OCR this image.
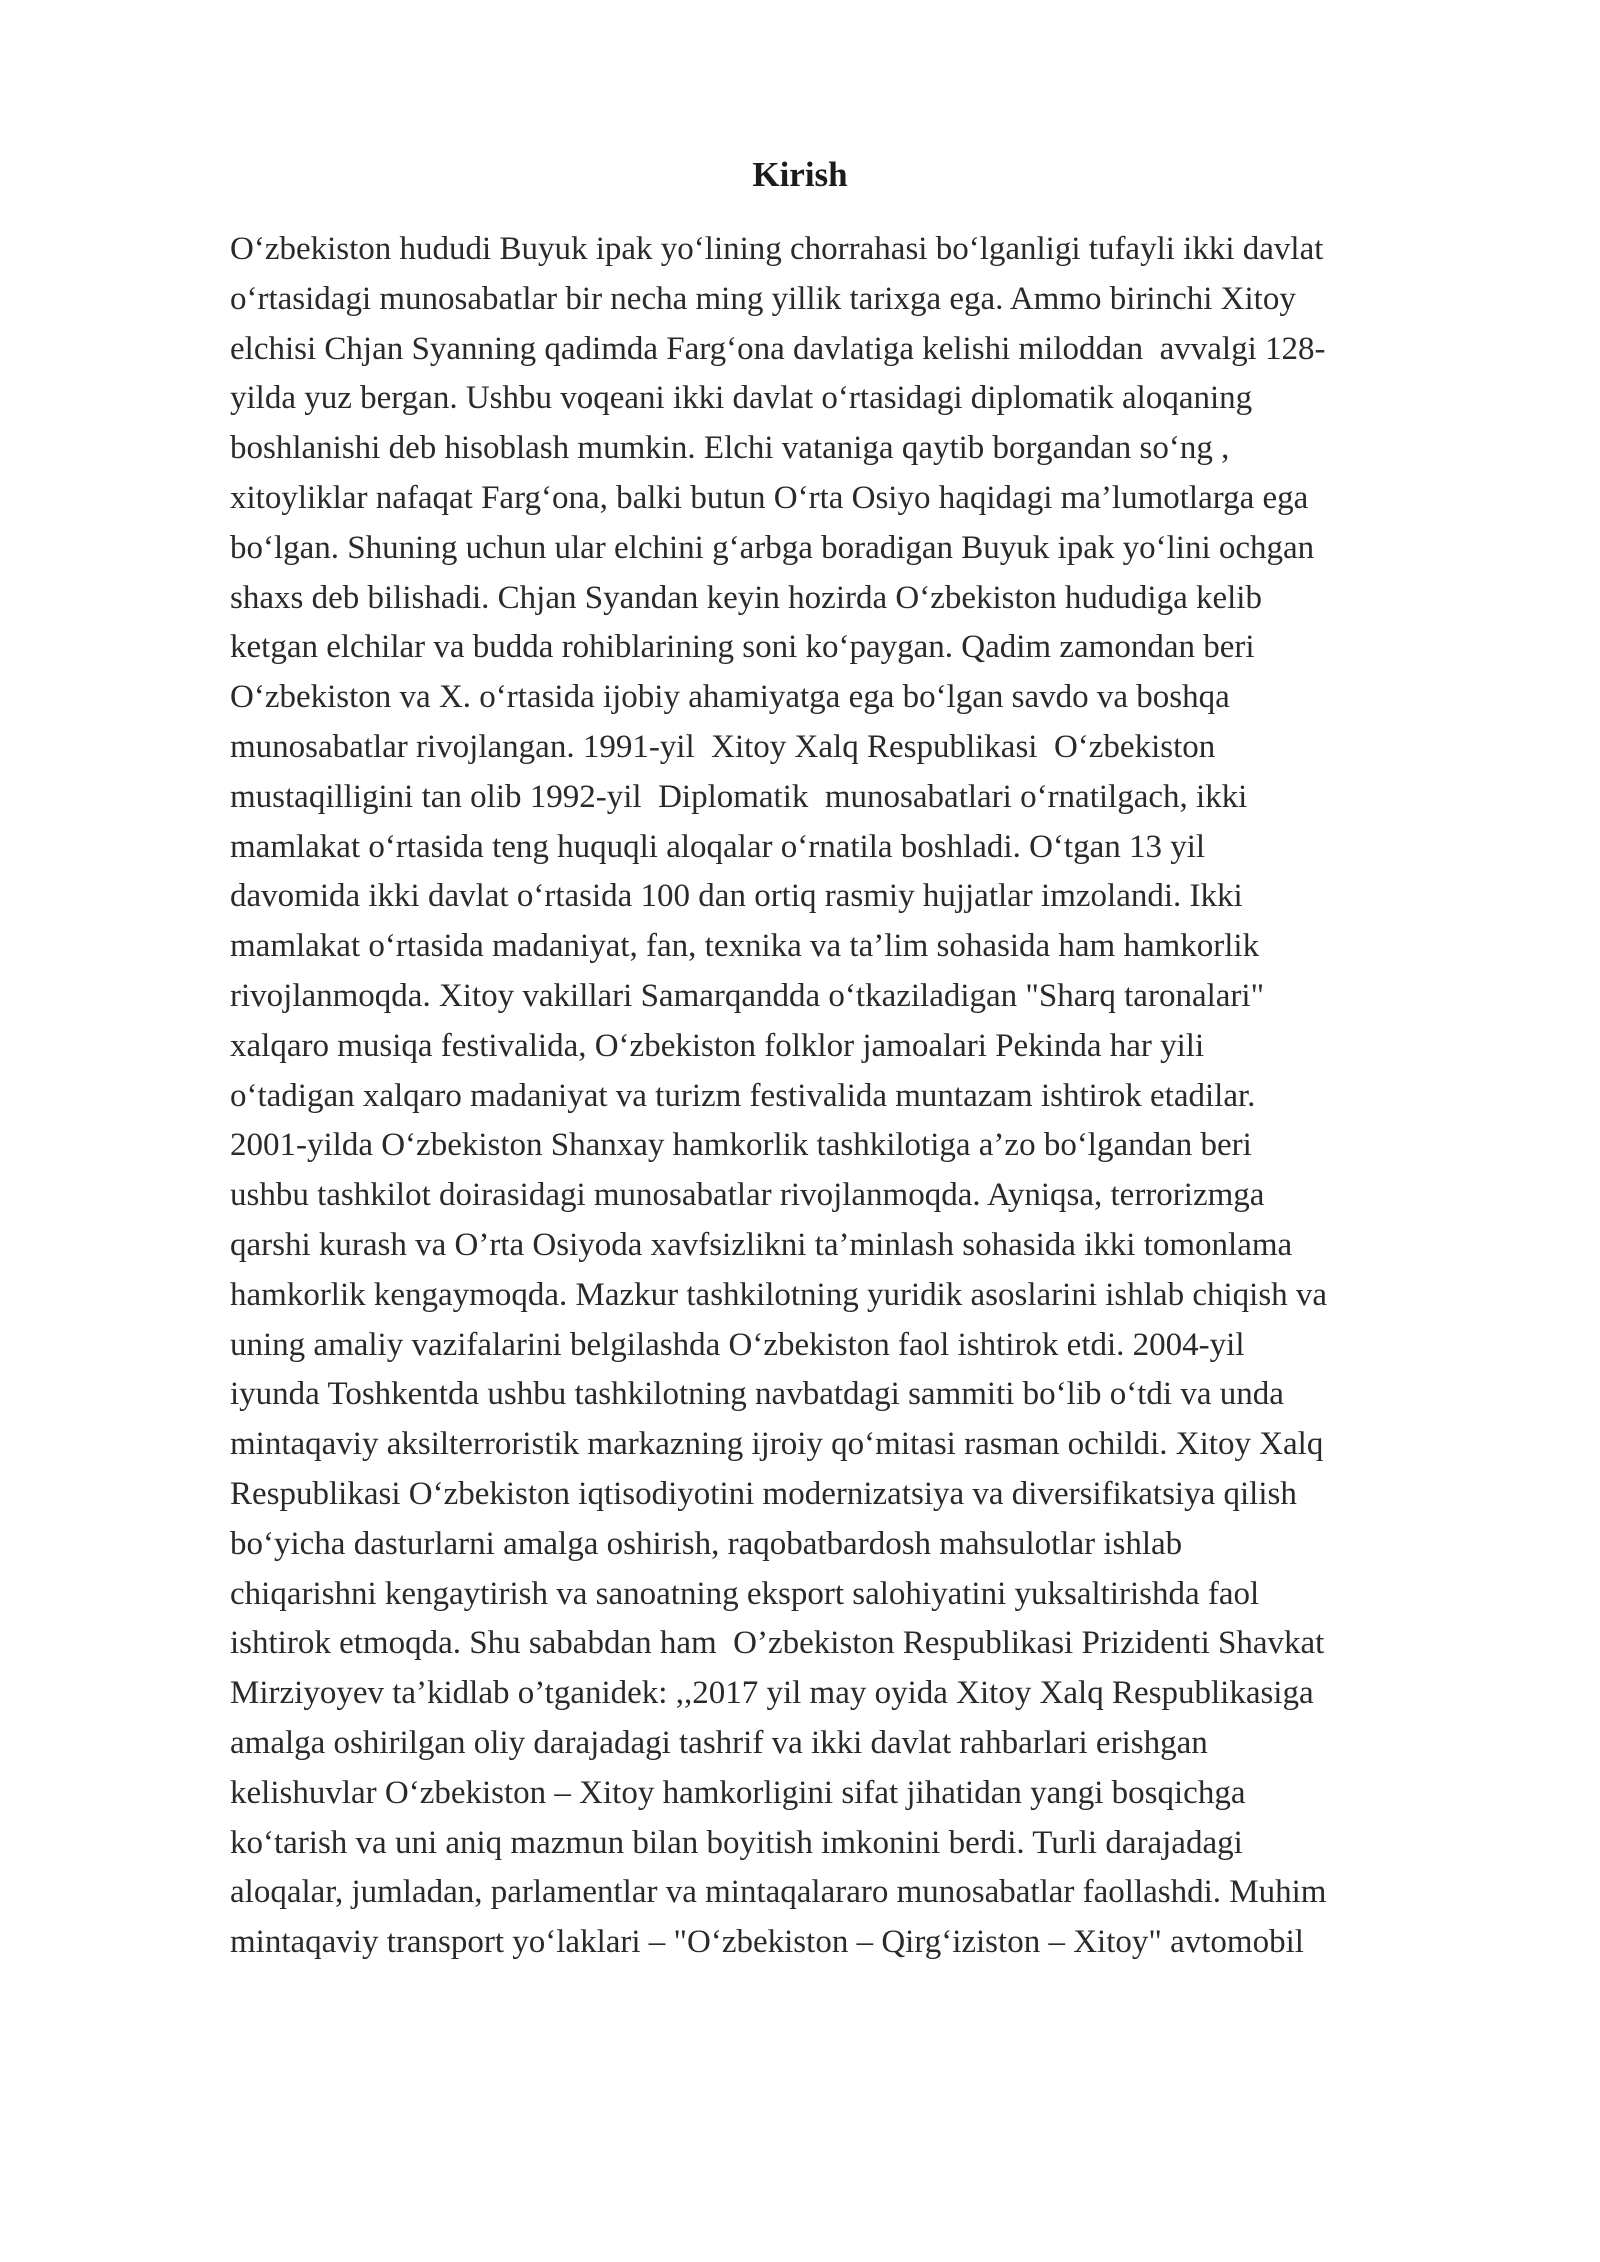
Kirish
O‘zbekiston hududi Buyuk ipak yo‘lining chorrahasi bo‘lganligi tufayli ikki davlat
o‘rtasidagi munosabatlar bir necha ming yillik tarixga ega. Ammo birinchi Xitoy
elchisi Chjan Syanning qadimda Farg‘ona davlatiga kelishi miloddan  avvalgi 128-
yilda yuz bergan. Ushbu voqeani ikki davlat o‘rtasidagi diplomatik aloqaning
boshlanishi deb hisoblash mumkin. Elchi vataniga qaytib borgandan so‘ng ,
xitoyliklar nafaqat Farg‘ona, balki butun O‘rta Osiyo haqidagi ma’lumotlarga ega
bo‘lgan. Shuning uchun ular elchini g‘arbga boradigan Buyuk ipak yo‘lini ochgan
shaxs deb bilishadi. Chjan Syandan keyin hozirda O‘zbekiston hududiga kelib
ketgan elchilar va budda rohiblarining soni ko‘paygan. Qadim zamondan beri
O‘zbekiston va X. o‘rtasida ijobiy ahamiyatga ega bo‘lgan savdo va boshqa
munosabatlar rivojlangan. 1991-yil  Xitoy Xalq Respublikasi  O‘zbekiston
mustaqilligini tan olib 1992-yil  Diplomatik  munosabatlari o‘rnatilgach, ikki
mamlakat o‘rtasida teng huquqli aloqalar o‘rnatila boshladi. O‘tgan 13 yil
davomida ikki davlat o‘rtasida 100 dan ortiq rasmiy hujjatlar imzolandi. Ikki
mamlakat o‘rtasida madaniyat, fan, texnika va ta’lim sohasida ham hamkorlik
rivojlanmoqda. Xitoy vakillari Samarqandda o‘tkaziladigan "Sharq taronalari"
xalqaro musiqa festivalida, O‘zbekiston folklor jamoalari Pekinda har yili
o‘tadigan xalqaro madaniyat va turizm festivalida muntazam ishtirok etadilar.
2001-yilda O‘zbekiston Shanxay hamkorlik tashkilotiga a’zo bo‘lgandan beri
ushbu tashkilot doirasidagi munosabatlar rivojlanmoqda. Ayniqsa, terrorizmga
qarshi kurash va O’rta Osiyoda xavfsizlikni ta’minlash sohasida ikki tomonlama
hamkorlik kengaymoqda. Mazkur tashkilotning yuridik asoslarini ishlab chiqish va
uning amaliy vazifalarini belgilashda O‘zbekiston faol ishtirok etdi. 2004-yil
iyunda Toshkentda ushbu tashkilotning navbatdagi sammiti bo‘lib o‘tdi va unda
mintaqaviy aksilterroristik markazning ijroiy qo‘mitasi rasman ochildi. Xitoy Xalq
Respublikasi O‘zbekiston iqtisodiyotini modernizatsiya va diversifikatsiya qilish
bo‘yicha dasturlarni amalga oshirish, raqobatbardosh mahsulotlar ishlab
chiqarishni kengaytirish va sanoatning eksport salohiyatini yuksaltirishda faol
ishtirok etmoqda. Shu sababdan ham  O’zbekiston Respublikasi Prizidenti Shavkat
Mirziyoyev ta’kidlab o’tganidek: ,,2017 yil may oyida Xitoy Xalq Respublikasiga
amalga oshirilgan oliy darajadagi tashrif va ikki davlat rahbarlari erishgan
kelishuvlar O‘zbekiston – Xitoy hamkorligini sifat jihatidan yangi bosqichga
ko‘tarish va uni aniq mazmun bilan boyitish imkonini berdi. Turli darajadagi
aloqalar, jumladan, parlamentlar va mintaqalararo munosabatlar faollashdi. Muhim
mintaqaviy transport yo‘laklari – "O‘zbekiston – Qirg‘iziston – Xitoy" avtomobil
